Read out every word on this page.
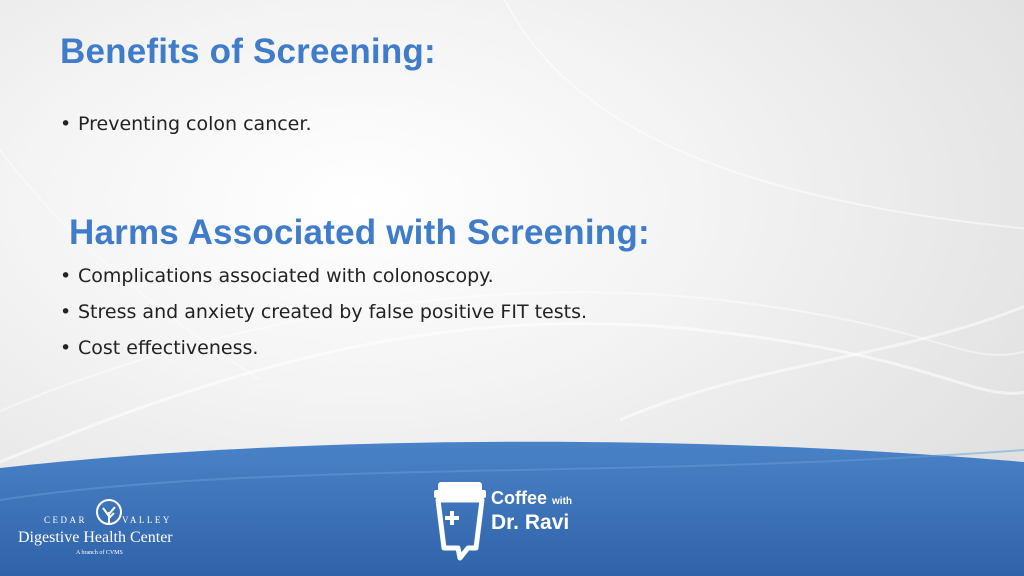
Benefits of Screening:
• Preventing colon cancer.
Harms Associated with Screening:
• Complications associated with colonoscopy.
• Stress and anxiety created by false positive FIT tests.
• Cost effectiveness.
CEDAR	VALLEY
Digestive Health Center
A branch of CVMS
Coffee with
Dr. Ravi
